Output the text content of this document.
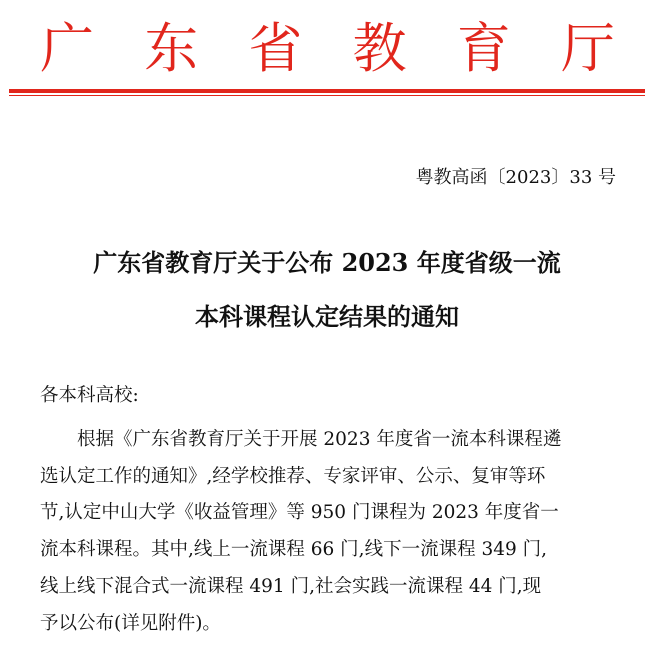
广 东 省 教 育 厅
粤教高函〔2023〕33 号
广东省教育厅关于公布 2023 年度省级一流
本科课程认定结果的通知
各本科高校:
根据《广东省教育厅关于开展 2023 年度省一流本科课程遴
选认定工作的通知》,经学校推荐、专家评审、公示、复审等环
节,认定中山大学《收益管理》等 950 门课程为 2023 年度省一
流本科课程。其中,线上一流课程 66 门,线下一流课程 349 门,
线上线下混合式一流课程 491 门,社会实践一流课程 44 门,现
予以公布(详见附件)。
